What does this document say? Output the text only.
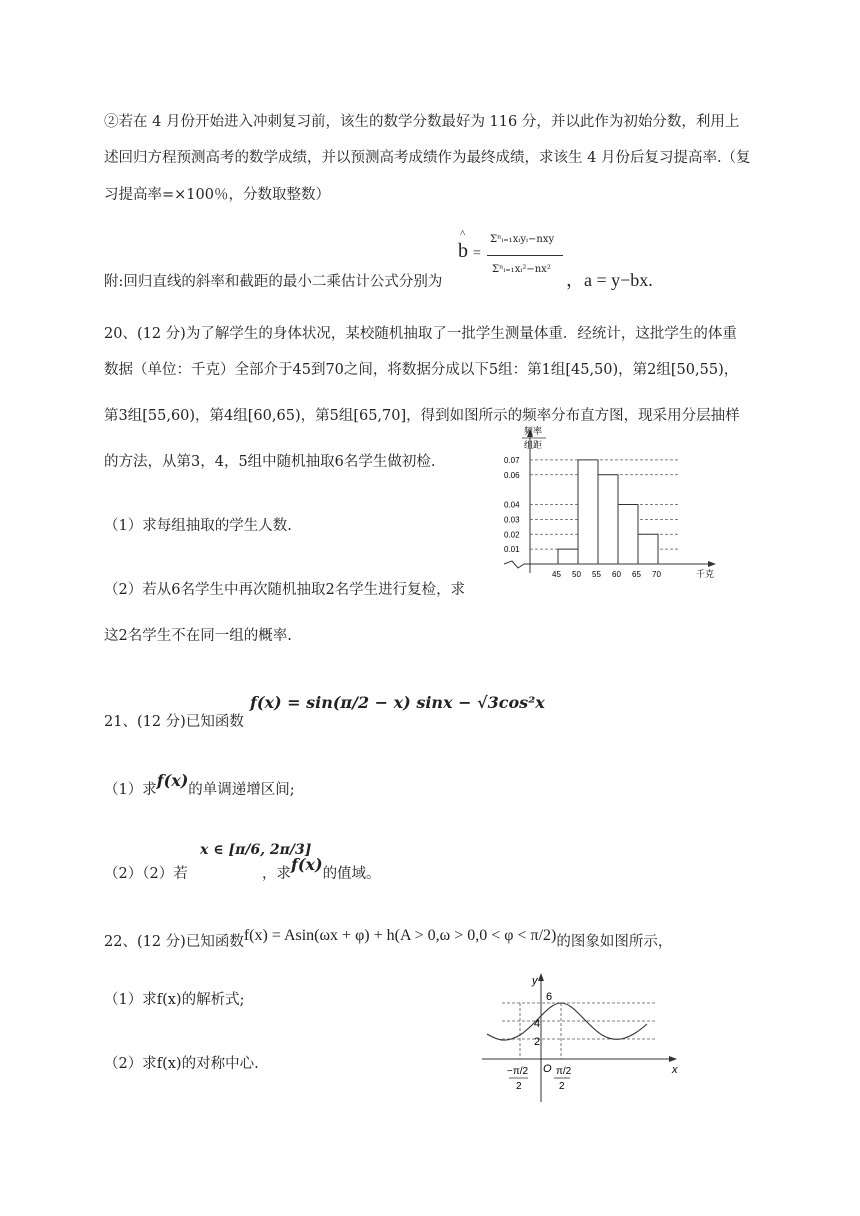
②若在 4 月份开始进入冲刺复习前，该生的数学分数最好为 116 分，并以此作为初始分数，利用上
述回归方程预测高考的数学成绩，并以预测高考成绩作为最终成绩，求该生 4 月份后复习提高率.（复
习提高率=×100％，分数取整数）
附:回归直线的斜率和截距的最小二乘估计公式分别为
^
b =
Σⁿᵢ₌₁xᵢyᵢ−nxy
Σⁿᵢ₌₁xᵢ²−nx²
，a = y−bx.
20、(12 分)为了解学生的身体状况，某校随机抽取了一批学生测量体重．经统计，这批学生的体重
数据（单位：千克）全部介于45到70之间，将数据分成以下5组：第1组[45,50)，第2组[50,55)，
第3组[55,60)，第4组[60,65)，第5组[65,70]，得到如图所示的频率分布直方图，现采用分层抽样
的方法，从第3，4，5组中随机抽取6名学生做初检.
（1）求每组抽取的学生人数.
（2）若从6名学生中再次随机抽取2名学生进行复检，求
这2名学生不在同一组的概率.
频率
组距
千克
0.01
0.02
0.03
0.04
0.06
0.07
45 50 55 60 65 70
21、(12 分)已知函数
f(x) = sin(π/2 − x) sinx − √3cos²x
（1）求f(x)的单调递增区间;
（2）（2）若
x ∈ [π/6, 2π/3]
，求f(x)的值域。
22、(12 分)已知函数f(x) = Asin(ωx + φ) + h(A > 0,ω > 0,0 < φ < π/2)的图象如图所示，
（1）求f(x)的解析式;
（2）求f(x)的对称中心.
y
x
O
6
4
2
−π/2
2
π/2
2
